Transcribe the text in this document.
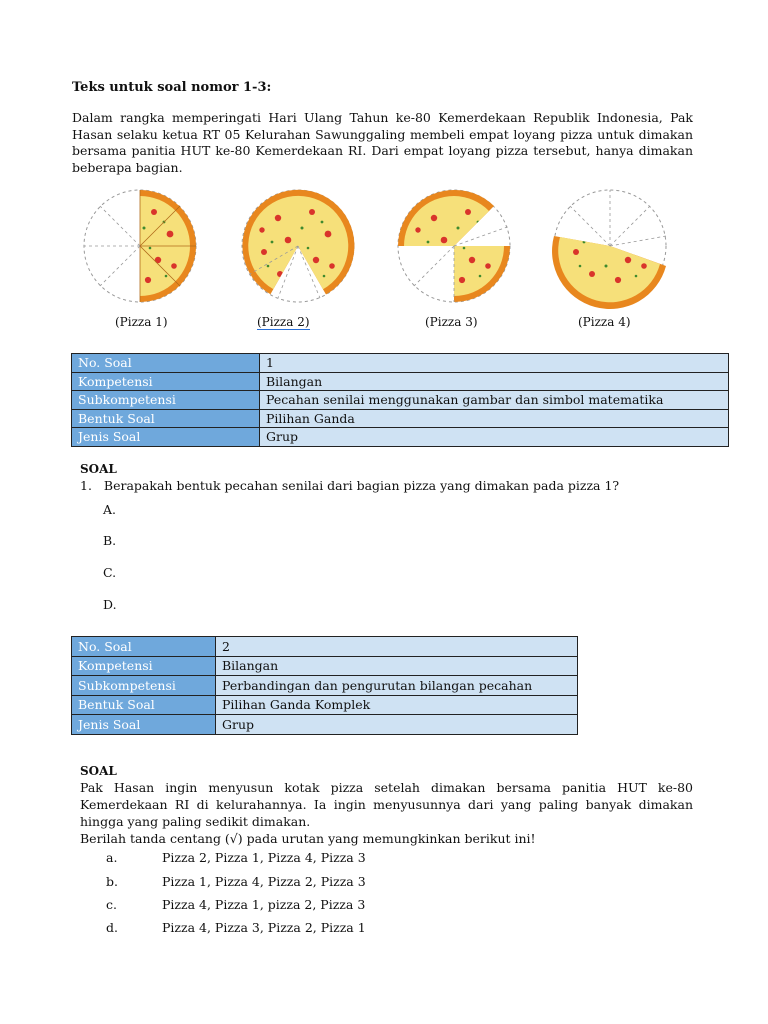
Teks untuk soal nomor 1-3:
Dalam rangka memperingati Hari Ulang Tahun ke-80 Kemerdekaan Republik Indonesia, Pak Hasan selaku ketua RT 05 Kelurahan Sawunggaling membeli empat loyang pizza untuk dimakan bersama panitia HUT ke-80 Kemerdekaan RI. Dari empat loyang pizza tersebut, hanya dimakan beberapa bagian.
(Pizza 1)	(Pizza 2)	(Pizza 3)	(Pizza 4)
No. Soal	1
Kompetensi	Bilangan
Subkompetensi	Pecahan senilai menggunakan gambar dan simbol matematika
Bentuk Soal	Pilihan Ganda
Jenis Soal	Grup
SOAL
1. Berapakah bentuk pecahan senilai dari bagian pizza yang dimakan pada pizza 1?
A.
B.
C.
D.
No. Soal	2
Kompetensi	Bilangan
Subkompetensi	Perbandingan dan pengurutan bilangan pecahan
Bentuk Soal	Pilihan Ganda Komplek
Jenis Soal	Grup
SOAL
Pak Hasan ingin menyusun kotak pizza setelah dimakan bersama panitia HUT ke-80 Kemerdekaan RI di kelurahannya. Ia ingin menyusunnya dari yang paling banyak dimakan hingga yang paling sedikit dimakan.
Berilah tanda centang (√) pada urutan yang memungkinkan berikut ini!
a.	Pizza 2, Pizza 1, Pizza 4, Pizza 3
b.	Pizza 1, Pizza 4, Pizza 2, Pizza 3
c.	Pizza 4, Pizza 1, pizza 2, Pizza 3
d.	Pizza 4, Pizza 3, Pizza 2, Pizza 1
